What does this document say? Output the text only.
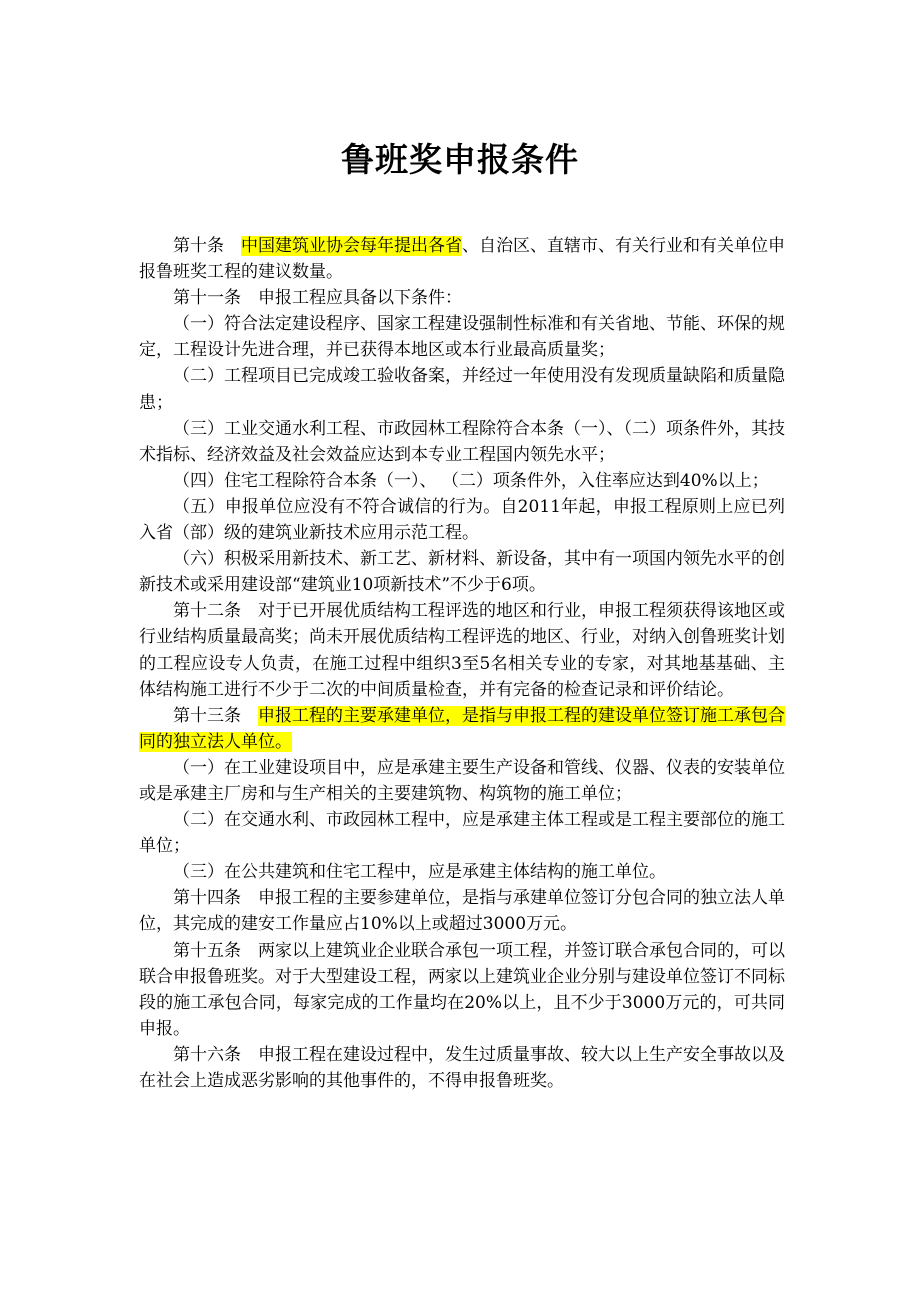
鲁班奖申报条件

第十条　中国建筑业协会每年提出各省、自治区、直辖市、有关行业和有关单位申报鲁班奖工程的建议数量。

第十一条　申报工程应具备以下条件：

（一）符合法定建设程序、国家工程建设强制性标准和有关省地、节能、环保的规定，工程设计先进合理，并已获得本地区或本行业最高质量奖；

（二）工程项目已完成竣工验收备案，并经过一年使用没有发现质量缺陷和质量隐患；

（三）工业交通水利工程、市政园林工程除符合本条（一）、（二）项条件外，其技术指标、经济效益及社会效益应达到本专业工程国内领先水平；

（四）住宅工程除符合本条（一）、 （二）项条件外，入住率应达到40%以上；

（五）申报单位应没有不符合诚信的行为。自2011年起，申报工程原则上应已列入省（部）级的建筑业新技术应用示范工程。

（六）积极采用新技术、新工艺、新材料、新设备，其中有一项国内领先水平的创新技术或采用建设部“建筑业10项新技术”不少于6项。

第十二条　对于已开展优质结构工程评选的地区和行业，申报工程须获得该地区或行业结构质量最高奖；尚未开展优质结构工程评选的地区、行业，对纳入创鲁班奖计划的工程应设专人负责，在施工过程中组织3至5名相关专业的专家，对其地基基础、主体结构施工进行不少于二次的中间质量检查，并有完备的检查记录和评价结论。

第十三条　申报工程的主要承建单位，是指与申报工程的建设单位签订施工承包合同的独立法人单位。

（一）在工业建设项目中，应是承建主要生产设备和管线、仪器、仪表的安装单位或是承建主厂房和与生产相关的主要建筑物、构筑物的施工单位；

（二）在交通水利、市政园林工程中，应是承建主体工程或是工程主要部位的施工单位；

（三）在公共建筑和住宅工程中，应是承建主体结构的施工单位。

第十四条　申报工程的主要参建单位，是指与承建单位签订分包合同的独立法人单位，其完成的建安工作量应占10%以上或超过3000万元。

第十五条　两家以上建筑业企业联合承包一项工程，并签订联合承包合同的，可以联合申报鲁班奖。对于大型建设工程，两家以上建筑业企业分别与建设单位签订不同标段的施工承包合同，每家完成的工作量均在20%以上，且不少于3000万元的，可共同申报。

第十六条　申报工程在建设过程中，发生过质量事故、较大以上生产安全事故以及在社会上造成恶劣影响的其他事件的，不得申报鲁班奖。
